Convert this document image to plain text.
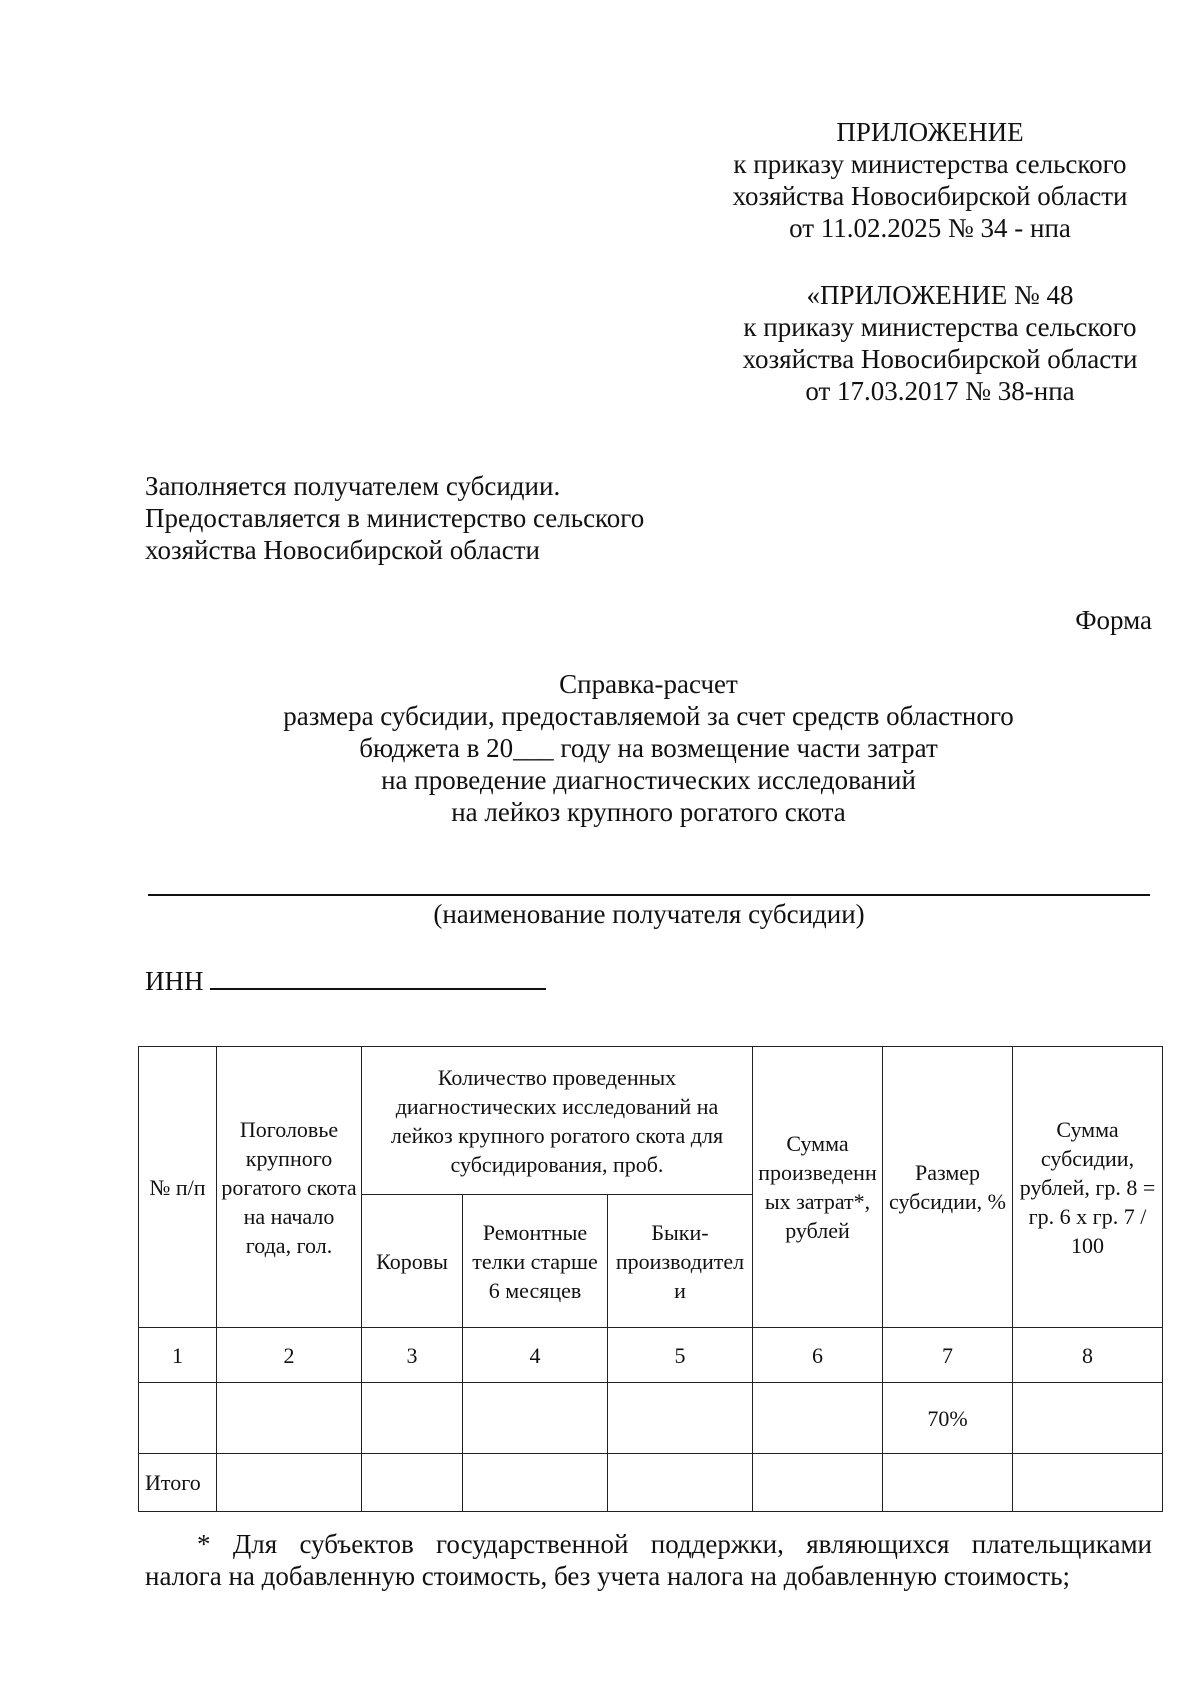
ПРИЛОЖЕНИЕ
к приказу министерства сельского
хозяйства Новосибирской области
от 11.02.2025 № 34 - нпа
«ПРИЛОЖЕНИЕ № 48
к приказу министерства сельского
хозяйства Новосибирской области
от 17.03.2017 № 38-нпа
Заполняется получателем субсидии.
Предоставляется в министерство сельского
хозяйства Новосибирской области
Форма
Справка-расчет
размера субсидии, предоставляемой за счет средств областного
бюджета в 20___ году на возмещение части затрат
на проведение диагностических исследований
на лейкоз крупного рогатого скота
(наименование получателя субсидии)
ИНН
№ п/п	Поголовье крупного рогатого скота на начало года, гол.	Количество проведенных диагностических исследований на лейкоз крупного рогатого скота для субсидирования, проб.			Сумма произведенных затрат*, рублей	Размер субсидии, %	Сумма субсидии, рублей, гр. 8 = гр. 6 х гр. 7 / 100
		Коровы	Ремонтные телки старше 6 месяцев	Быки-производители			
1	2	3	4	5	6	7	8
						70%	
Итого							
* Для субъектов государственной поддержки, являющихся плательщиками
налога на добавленную стоимость, без учета налога на добавленную стоимость;
